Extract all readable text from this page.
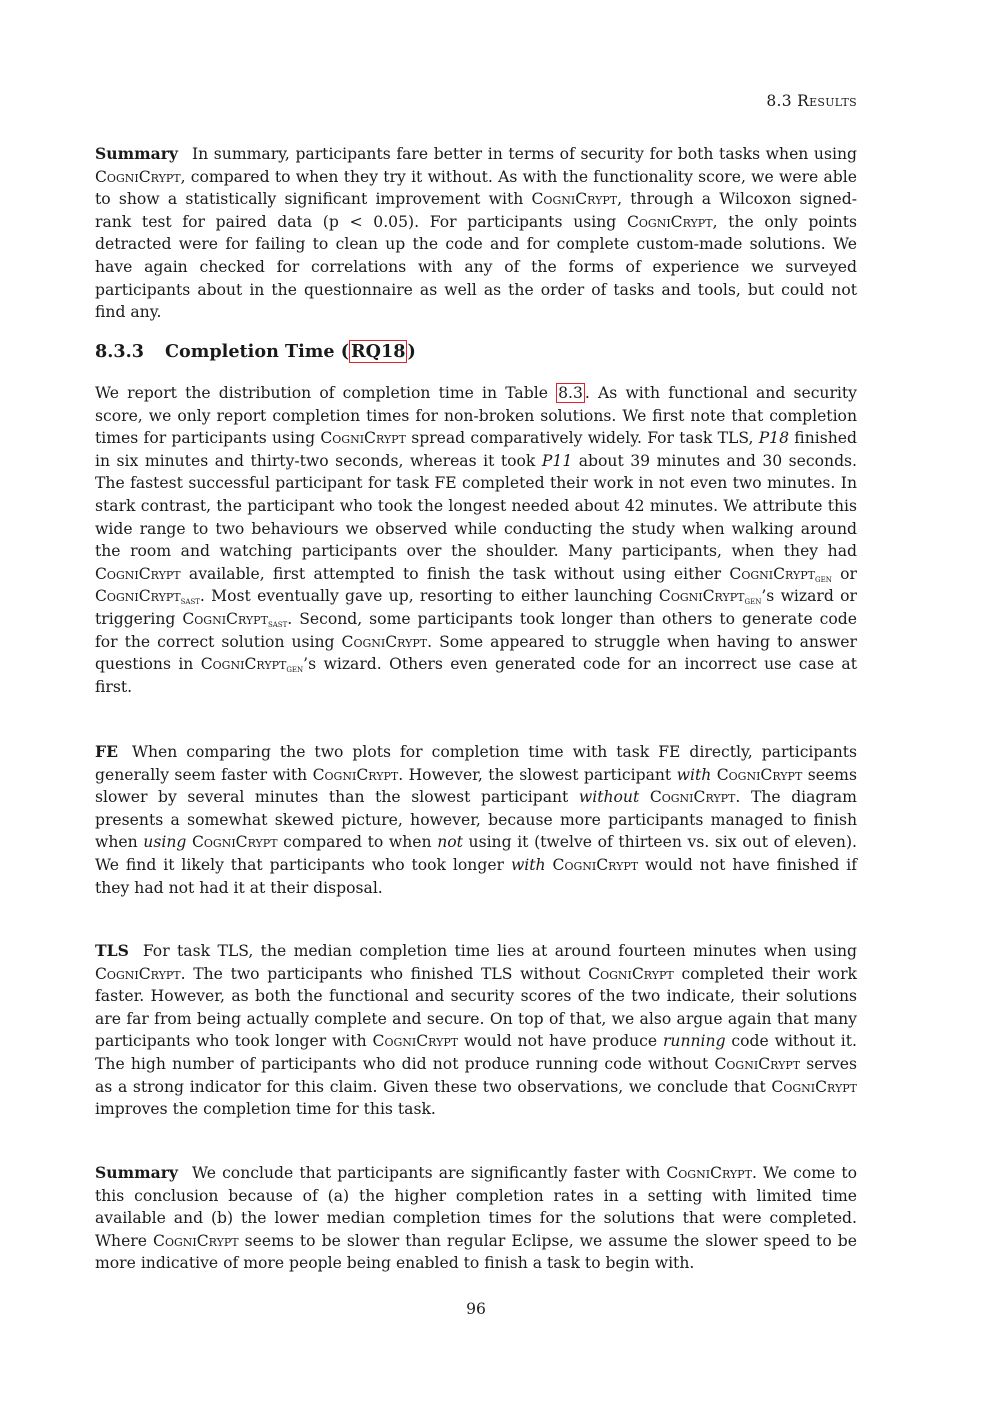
8.3 Results

Summary In summary, participants fare better in terms of security for both tasks when using CogniCrypt, compared to when they try it without. As with the functionality score, we were able to show a statistically significant improvement with CogniCrypt, through a Wilcoxon signed-rank test for paired data (p < 0.05). For participants using CogniCrypt, the only points detracted were for failing to clean up the code and for complete custom-made solutions. We have again checked for correlations with any of the forms of experience we surveyed participants about in the questionnaire as well as the order of tasks and tools, but could not find any.

8.3.3 Completion Time ( RQ18 )

We report the distribution of completion time in Table 8.3 . As with functional and security score, we only report completion times for non-broken solutions. We first note that completion times for participants using CogniCrypt spread comparatively widely. For task TLS, P18 finished in six minutes and thirty-two seconds, whereas it took P11 about 39 minutes and 30 seconds. The fastest successful participant for task FE completed their work in not even two minutes. In stark contrast, the participant who took the longest needed about 42 minutes. We attribute this wide range to two behaviours we observed while conducting the study when walking around the room and watching participants over the shoulder. Many participants, when they had CogniCrypt available, first attempted to finish the task without using either CogniCrypt$_{gen}$ or CogniCrypt$_{sast}$. Most eventually gave up, resorting to either launching CogniCrypt$_{gen}$’s wizard or triggering CogniCrypt$_{sast}$. Second, some participants took longer than others to generate code for the correct solution using CogniCrypt. Some appeared to struggle when having to answer questions in CogniCrypt$_{gen}$’s wizard. Others even generated code for an incorrect use case at first.

FE When comparing the two plots for completion time with task FE directly, participants generally seem faster with CogniCrypt. However, the slowest participant with CogniCrypt seems slower by several minutes than the slowest participant without CogniCrypt. The diagram presents a somewhat skewed picture, however, because more participants managed to finish when using CogniCrypt compared to when not using it (twelve of thirteen vs. six out of eleven). We find it likely that participants who took longer with CogniCrypt would not have finished if they had not had it at their disposal.

TLS For task TLS, the median completion time lies at around fourteen minutes when using CogniCrypt. The two participants who finished TLS without CogniCrypt completed their work faster. However, as both the functional and security scores of the two indicate, their solutions are far from being actually complete and secure. On top of that, we also argue again that many participants who took longer with CogniCrypt would not have produce running code without it. The high number of participants who did not produce running code without CogniCrypt serves as a strong indicator for this claim. Given these two observations, we conclude that CogniCrypt improves the completion time for this task.

Summary We conclude that participants are significantly faster with CogniCrypt. We come to this conclusion because of (a) the higher completion rates in a setting with limited time available and (b) the lower median completion times for the solutions that were completed. Where CogniCrypt seems to be slower than regular Eclipse, we assume the slower speed to be more indicative of more people being enabled to finish a task to begin with.

96
